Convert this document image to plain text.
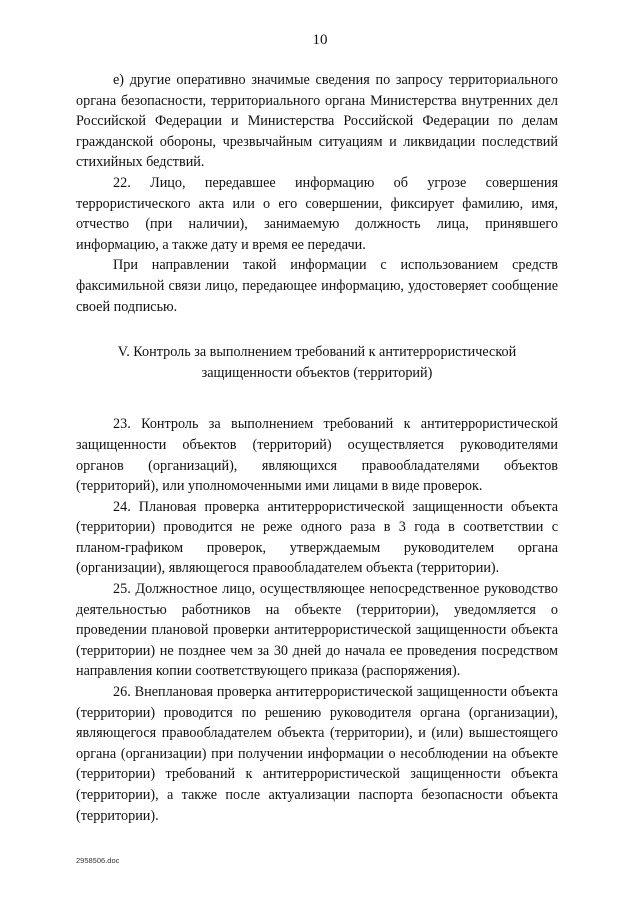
10

е) другие оперативно значимые сведения по запросу территориального органа безопасности, территориального органа Министерства внутренних дел Российской Федерации и Министерства Российской Федерации по делам гражданской обороны, чрезвычайным ситуациям и ликвидации последствий стихийных бедствий.

22. Лицо, передавшее информацию об угрозе совершения террористического акта или о его совершении, фиксирует фамилию, имя, отчество (при наличии), занимаемую должность лица, принявшего информацию, а также дату и время ее передачи.

При направлении такой информации с использованием средств факсимильной связи лицо, передающее информацию, удостоверяет сообщение своей подписью.

V. Контроль за выполнением требований к антитеррористической
защищенности объектов (территорий)

23. Контроль за выполнением требований к антитеррористической защищенности объектов (территорий) осуществляется руководителями органов (организаций), являющихся правообладателями объектов (территорий), или уполномоченными ими лицами в виде проверок.

24. Плановая проверка антитеррористической защищенности объекта (территории) проводится не реже одного раза в 3 года в соответствии с планом-графиком проверок, утверждаемым руководителем органа (организации), являющегося правообладателем объекта (территории).

25. Должностное лицо, осуществляющее непосредственное руководство деятельностью работников на объекте (территории), уведомляется о проведении плановой проверки антитеррористической защищенности объекта (территории) не позднее чем за 30 дней до начала ее проведения посредством направления копии соответствующего приказа (распоряжения).

26. Внеплановая проверка антитеррористической защищенности объекта (территории) проводится по решению руководителя органа (организации), являющегося правообладателем объекта (территории), и (или) вышестоящего органа (организации) при получении информации о несоблюдении на объекте (территории) требований к антитеррористической защищенности объекта (территории), а также после актуализации паспорта безопасности объекта (территории).

2958506.doc
